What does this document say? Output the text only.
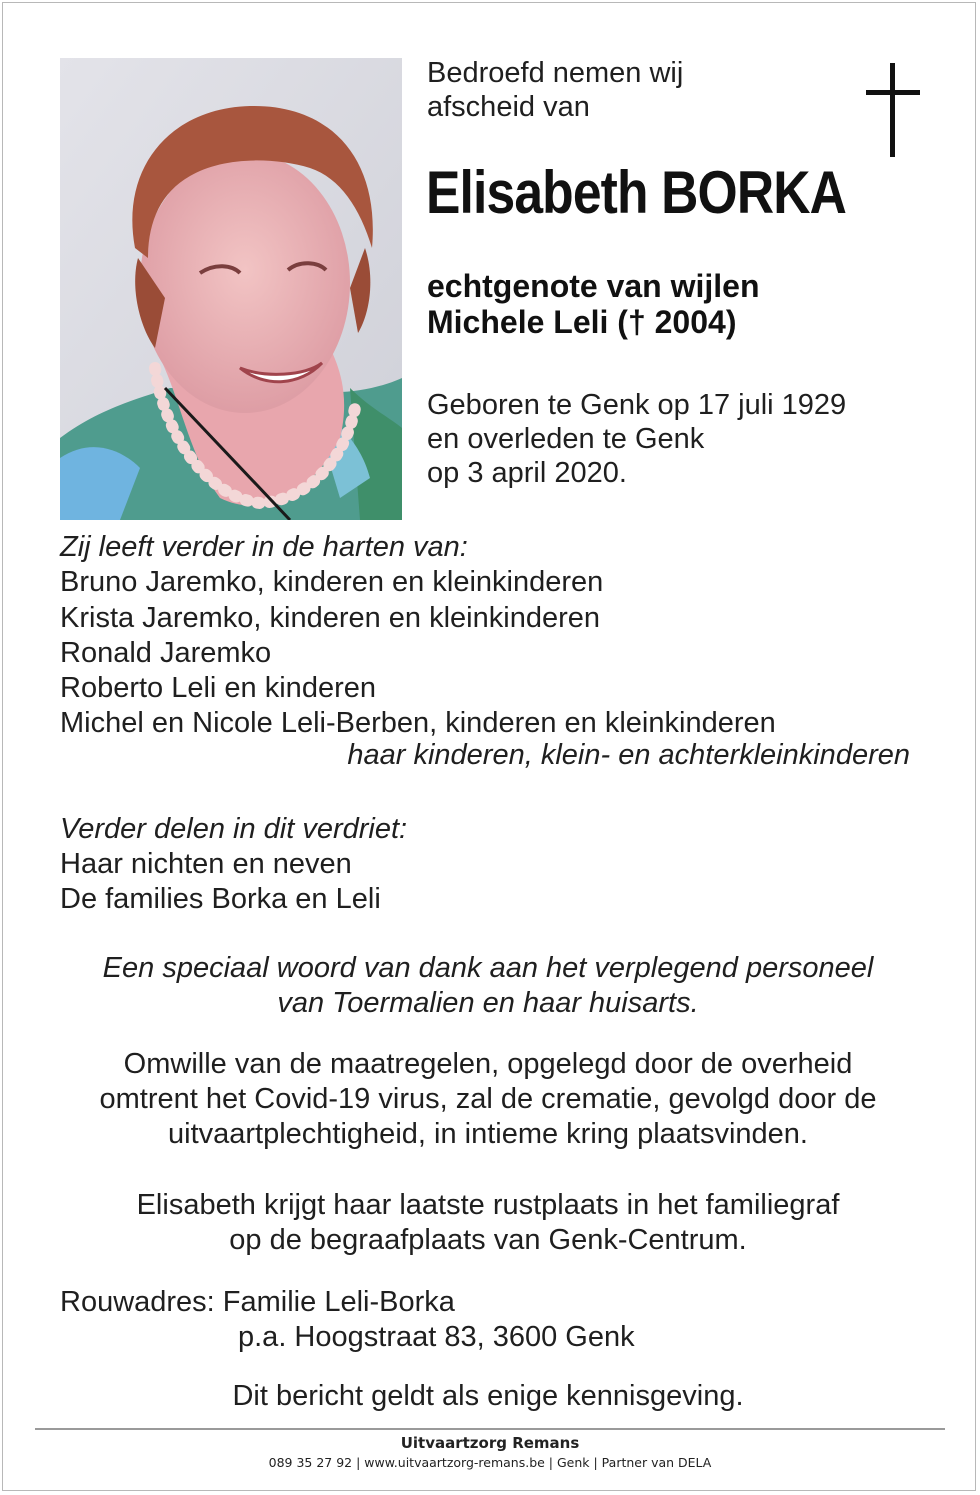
Bedroefd nemen wij
afscheid van
Elisabeth BORKA
echtgenote van wijlen
Michele Leli († 2004)
Geboren te Genk op 17 juli 1929
en overleden te Genk
op 3 april 2020.
Zij leeft verder in de harten van:
Bruno Jaremko, kinderen en kleinkinderen
Krista Jaremko, kinderen en kleinkinderen
Ronald Jaremko
Roberto Leli en kinderen
Michel en Nicole Leli-Berben, kinderen en kleinkinderen
haar kinderen, klein- en achterkleinkinderen
Verder delen in dit verdriet:
Haar nichten en neven
De families Borka en Leli
Een speciaal woord van dank aan het verplegend personeel
van Toermalien en haar huisarts.
Omwille van de maatregelen, opgelegd door de overheid
omtrent het Covid-19 virus, zal de crematie, gevolgd door de
uitvaartplechtigheid, in intieme kring plaatsvinden.
Elisabeth krijgt haar laatste rustplaats in het familiegraf
op de begraafplaats van Genk-Centrum.
Rouwadres: Familie Leli-Borka
p.a. Hoogstraat 83, 3600 Genk
Dit bericht geldt als enige kennisgeving.
Uitvaartzorg Remans
089 35 27 92 | www.uitvaartzorg-remans.be | Genk | Partner van DELA
